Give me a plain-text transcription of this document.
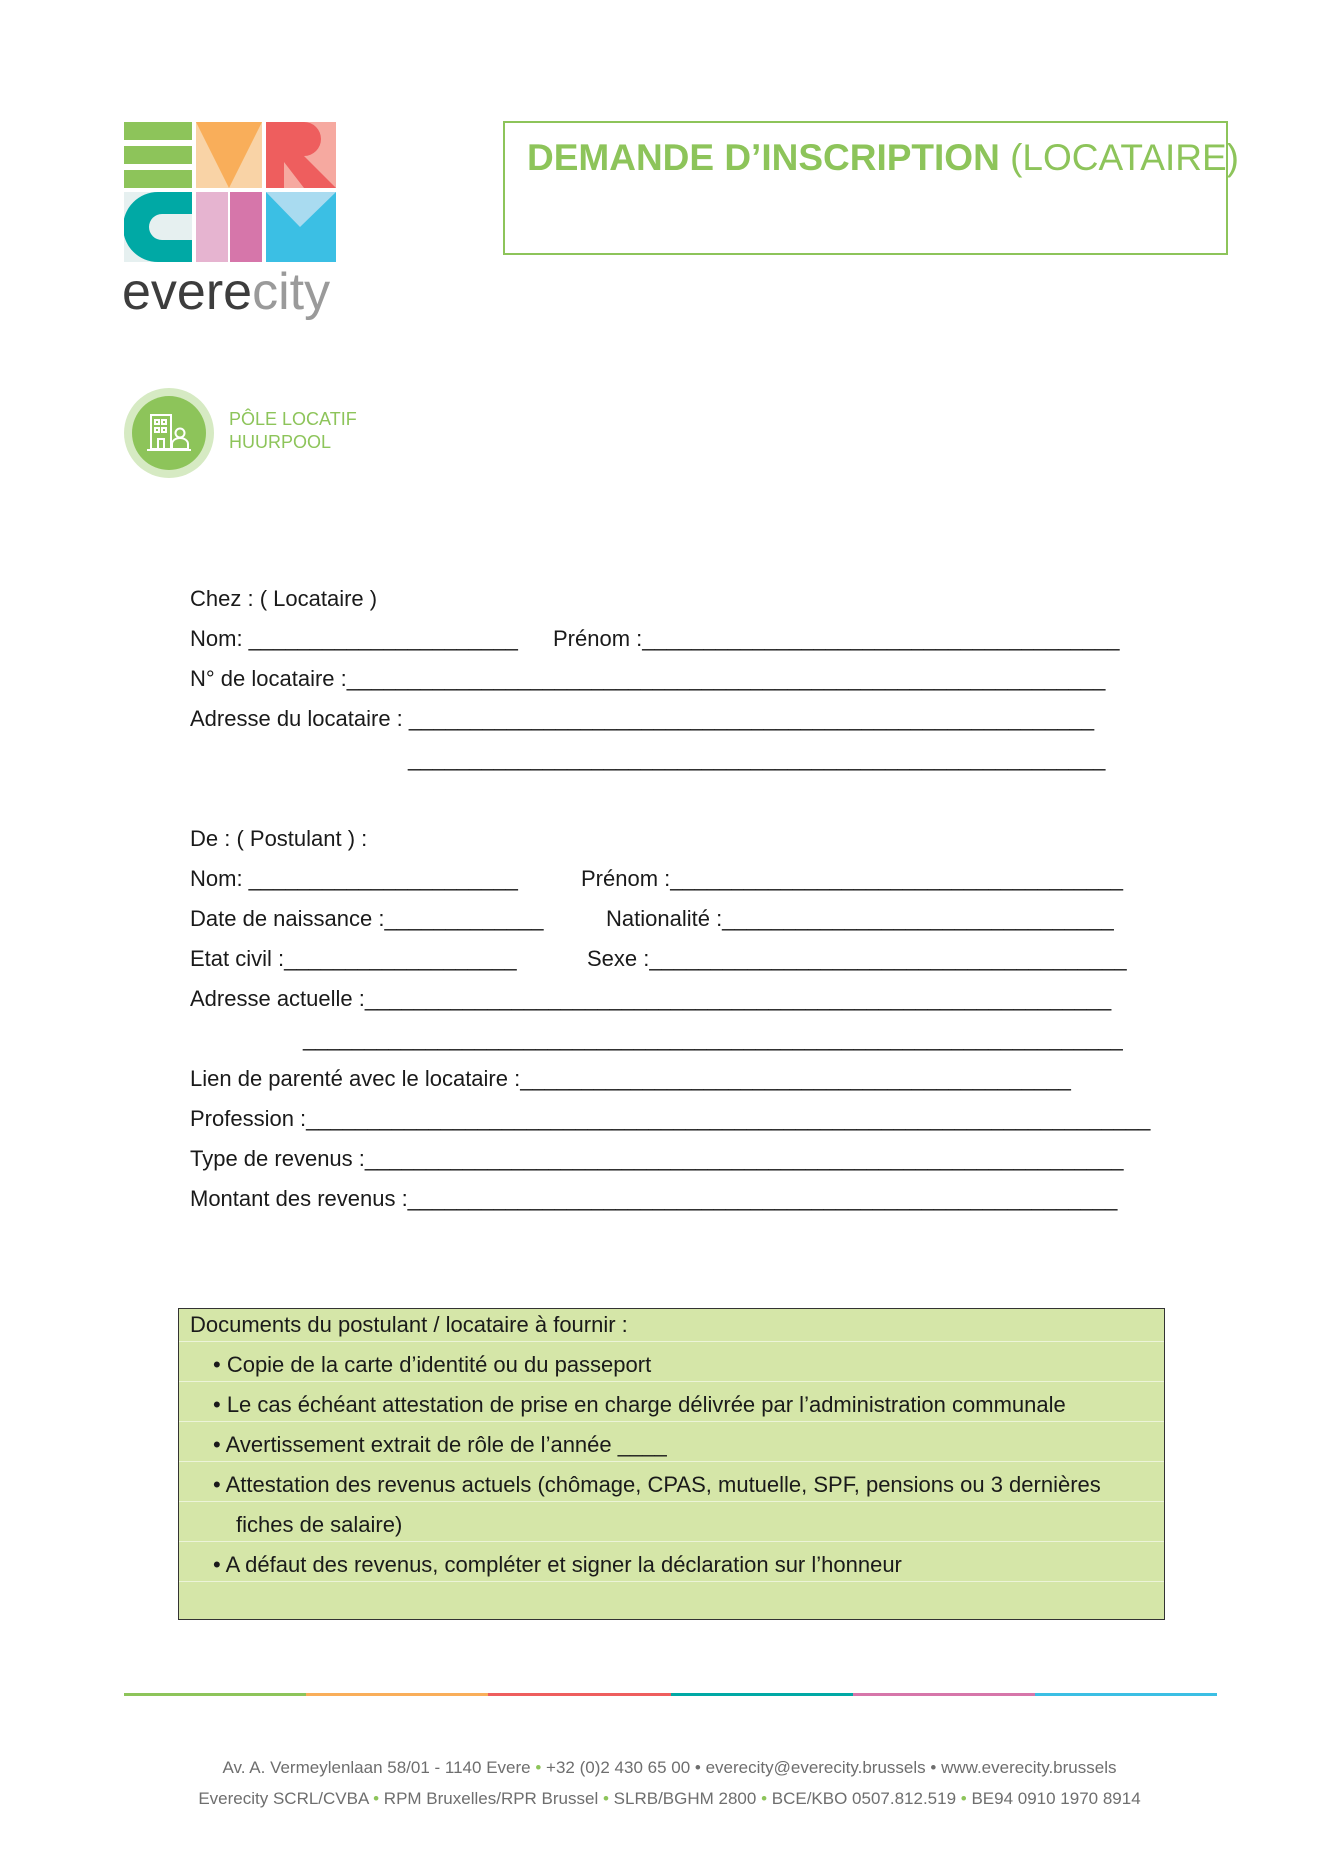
everecity
DEMANDE D’INSCRIPTION (LOCATAIRE)
PÔLE LOCATIF
HUURPOOL
Chez : ( Locataire )
Nom: ______________________ Prénom :_______________________________________
N° de locataire :______________________________________________________________
Adresse du locataire : ________________________________________________________
_________________________________________________________
De : ( Postulant ) :
Nom: ______________________	Prénom :_____________________________________
Date de naissance :_____________	Nationalité :________________________________
Etat civil :___________________	Sexe :_______________________________________
Adresse actuelle :_____________________________________________________________
___________________________________________________________________
Lien de parenté avec le locataire :_____________________________________________
Profession :_____________________________________________________________________
Type de revenus :______________________________________________________________
Montant des revenus :__________________________________________________________
Documents du postulant / locataire à fournir :
• Copie de la carte d’identité ou du passeport
• Le cas échéant attestation de prise en charge délivrée par l’administration communale
• Avertissement extrait de rôle de l’année ____
• Attestation des revenus actuels (chômage, CPAS, mutuelle, SPF, pensions ou 3 dernières
fiches de salaire)
• A défaut des revenus, compléter et signer la déclaration sur l’honneur
Av. A. Vermeylenlaan 58/01 - 1140 Evere • +32 (0)2 430 65 00 • everecity@everecity.brussels • www.everecity.brussels
Everecity SCRL/CVBA • RPM Bruxelles/RPR Brussel • SLRB/BGHM 2800 • BCE/KBO 0507.812.519 • BE94 0910 1970 8914
